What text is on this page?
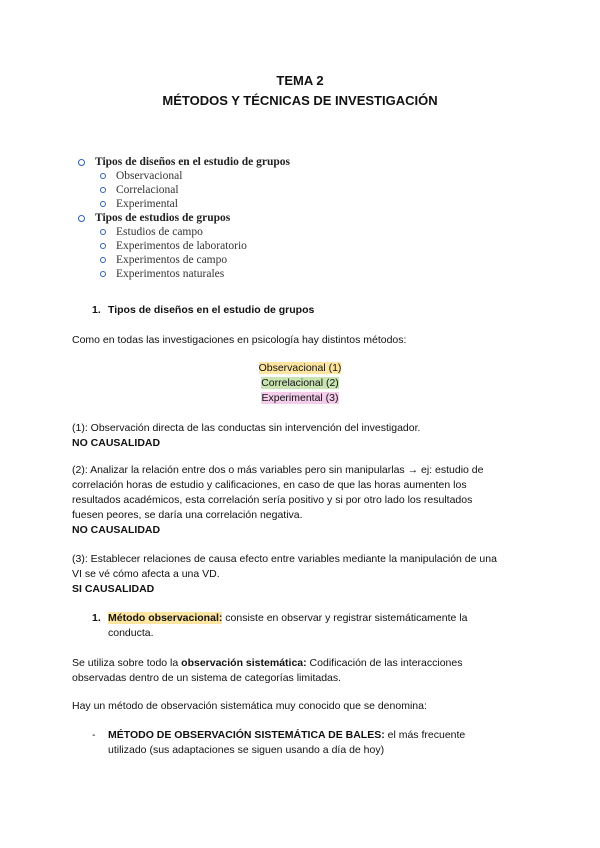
TEMA 2
MÉTODOS Y TÉCNICAS DE INVESTIGACIÓN
Tipos de diseños en el estudio de grupos
Observacional
Correlacional
Experimental
Tipos de estudios de grupos
Estudios de campo
Experimentos de laboratorio
Experimentos de campo
Experimentos naturales
1. Tipos de diseños en el estudio de grupos
Como en todas las investigaciones en psicología hay distintos métodos:
Observacional (1)
Correlacional (2)
Experimental (3)
(1): Observación directa de las conductas sin intervención del investigador.
NO CAUSALIDAD
(2): Analizar la relación entre dos o más variables pero sin manipularlas → ej: estudio de
correlación horas de estudio y calificaciones, en caso de que las horas aumenten los
resultados académicos, esta correlación sería positivo y si por otro lado los resultados
fuesen peores, se daría una correlación negativa.
NO CAUSALIDAD
(3): Establecer relaciones de causa efecto entre variables mediante la manipulación de una
VI se vé cómo afecta a una VD.
SI CAUSALIDAD
1. Método observacional: consiste en observar y registrar sistemáticamente la
conducta.
Se utiliza sobre todo la observación sistemática: Codificación de las interacciones
observadas dentro de un sistema de categorías limitadas.
Hay un método de observación sistemática muy conocido que se denomina:
- MÉTODO DE OBSERVACIÓN SISTEMÁTICA DE BALES: el más frecuente
utilizado (sus adaptaciones se siguen usando a día de hoy)
